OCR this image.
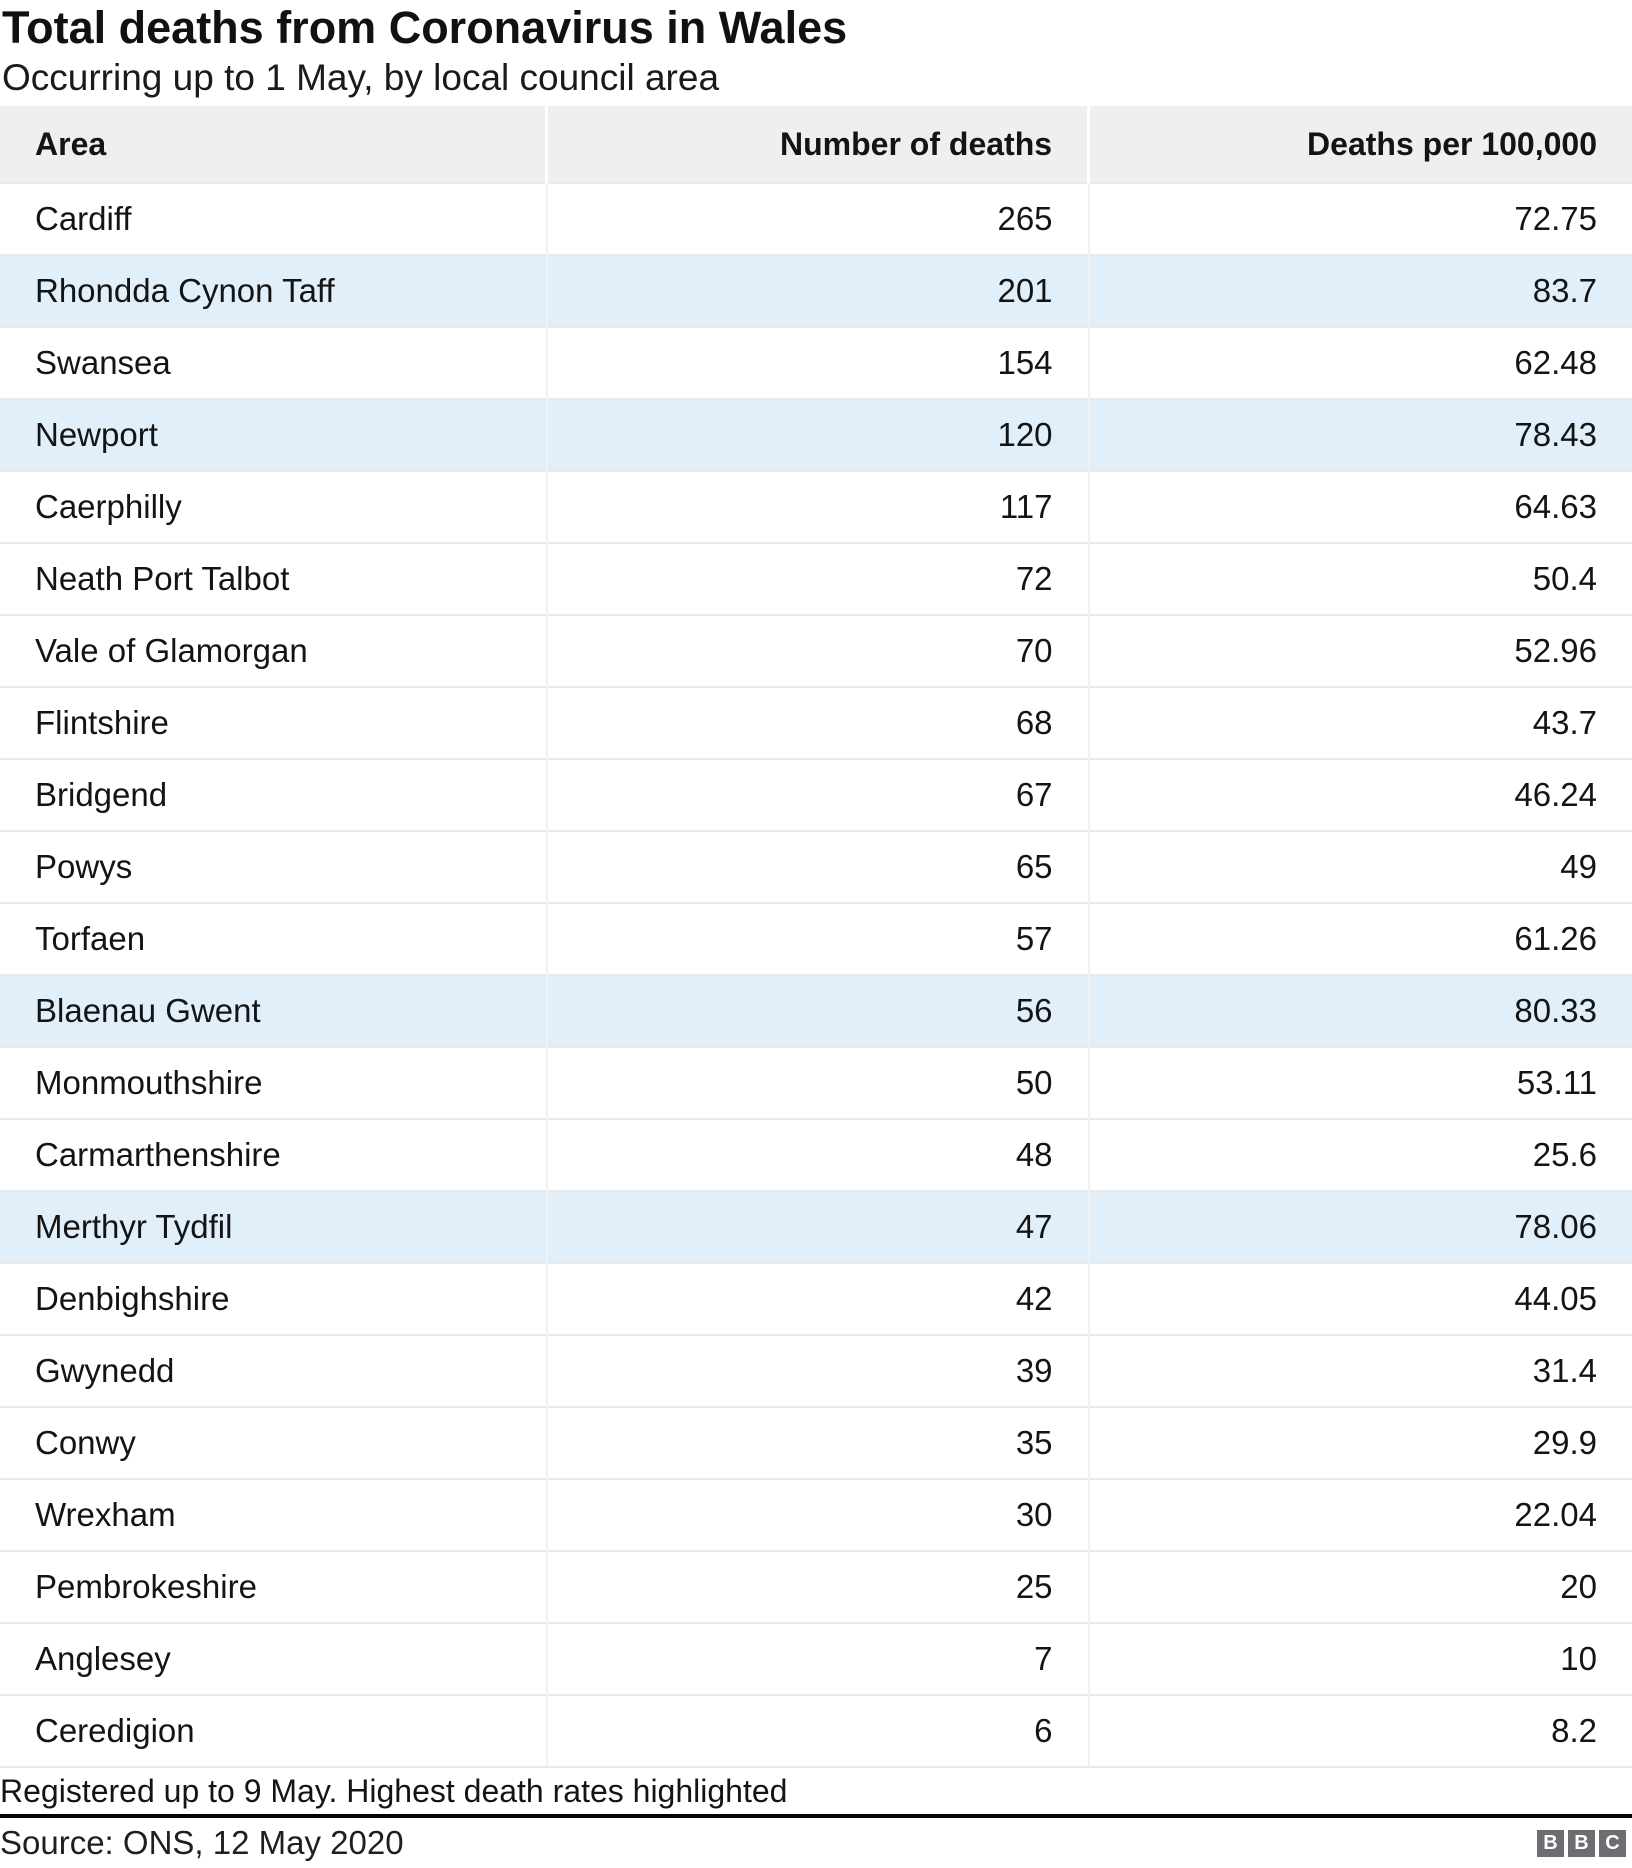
Total deaths from Coronavirus in Wales
Occurring up to 1 May, by local council area
Area	Number of deaths	Deaths per 100,000
Cardiff	265	72.75
Rhondda Cynon Taff	201	83.7
Swansea	154	62.48
Newport	120	78.43
Caerphilly	117	64.63
Neath Port Talbot	72	50.4
Vale of Glamorgan	70	52.96
Flintshire	68	43.7
Bridgend	67	46.24
Powys	65	49
Torfaen	57	61.26
Blaenau Gwent	56	80.33
Monmouthshire	50	53.11
Carmarthenshire	48	25.6
Merthyr Tydfil	47	78.06
Denbighshire	42	44.05
Gwynedd	39	31.4
Conwy	35	29.9
Wrexham	30	22.04
Pembrokeshire	25	20
Anglesey	7	10
Ceredigion	6	8.2
Registered up to 9 May. Highest death rates highlighted
Source: ONS, 12 May 2020	B B C
